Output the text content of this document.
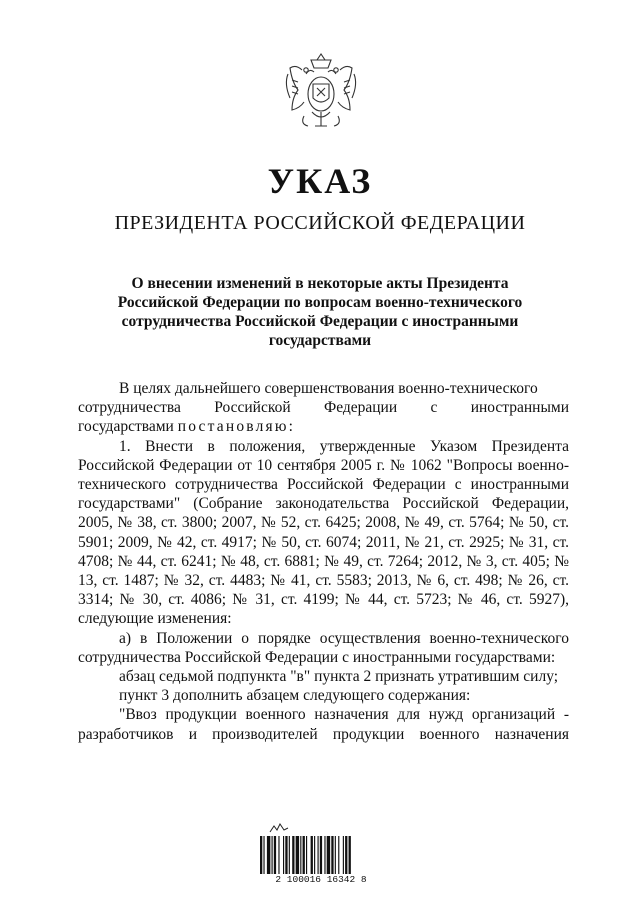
УКАЗ
ПРЕЗИДЕНТА РОССИЙСКОЙ ФЕДЕРАЦИИ
О внесении изменений в некоторые акты Президента
Российской Федерации по вопросам военно-технического
сотрудничества Российской Федерации с иностранными
государствами

В целях дальнейшего совершенствования военно-технического

сотрудничества Российской Федерации с иностранными

государствами постановляю:

1. Внести в положения, утвержденные Указом Президента Российской Федерации от 10 сентября 2005 г. № 1062 "Вопросы военно-технического сотрудничества Российской Федерации с иностранными государствами" (Собрание законодательства Российской Федерации, 2005, № 38, ст. 3800; 2007, № 52, ст. 6425; 2008, № 49, ст. 5764; № 50, ст. 5901; 2009, № 42, ст. 4917; № 50, ст. 6074; 2011, № 21, ст. 2925; № 31, ст. 4708; № 44, ст. 6241; № 48, ст. 6881; № 49, ст. 7264; 2012, № 3, ст. 405; № 13, ст. 1487; № 32, ст. 4483; № 41, ст. 5583; 2013, № 6, ст. 498; № 26, ст. 3314; № 30, ст. 4086; № 31, ст. 4199; № 44, ст. 5723; № 46, ст. 5927), следующие изменения:

а) в Положении о порядке осуществления военно-технического сотрудничества Российской Федерации с иностранными государствами:

абзац седьмой подпункта "в" пункта 2 признать утратившим силу;

пункт 3 дополнить абзацем следующего содержания:

"Ввоз продукции военного назначения для нужд организаций - разработчиков и производителей продукции военного назначения

2 100016 16342 8
